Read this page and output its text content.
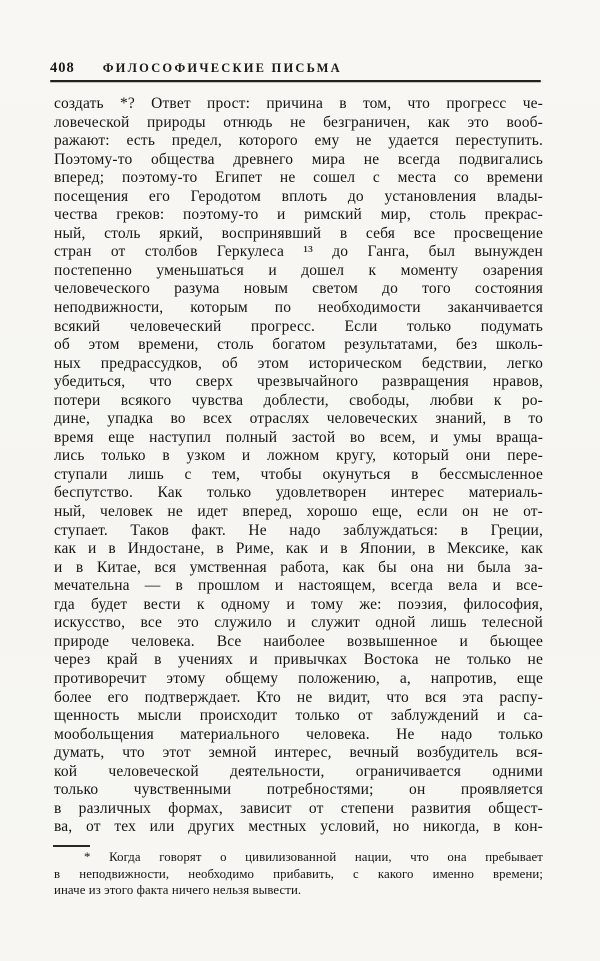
408 ФИЛОСОФИЧЕСКИЕ ПИСЬМА
создать *? Ответ прост: причина в том, что прогресс че-
ловеческой природы отнюдь не безграничен, как это вооб-
ражают: есть предел, которого ему не удается переступить.
Поэтому-то общества древнего мира не всегда подвигались
вперед; поэтому-то Египет не сошел с места со времени
посещения его Геродотом вплоть до установления влады-
чества греков: поэтому-то и римский мир, столь прекрас-
ный, столь яркий, воспринявший в себя все просвещение
стран от столбов Геркулеса ¹³ до Ганга, был вынужден
постепенно уменьшаться и дошел к моменту озарения
человеческого разума новым светом до того состояния
неподвижности, которым по необходимости заканчивается
всякий человеческий прогресс. Если только подумать
об этом времени, столь богатом результатами, без школь-
ных предрассудков, об этом историческом бедствии, легко
убедиться, что сверх чрезвычайного развращения нравов,
потери всякого чувства доблести, свободы, любви к ро-
дине, упадка во всех отраслях человеческих знаний, в то
время еще наступил полный застой во всем, и умы враща-
лись только в узком и ложном кругу, который они пере-
ступали лишь с тем, чтобы окунуться в бессмысленное
беспутство. Как только удовлетворен интерес материаль-
ный, человек не идет вперед, хорошо еще, если он не от-
ступает. Таков факт. Не надо заблуждаться: в Греции,
как и в Индостане, в Риме, как и в Японии, в Мексике, как
и в Китае, вся умственная работа, как бы она ни была за-
мечательна — в прошлом и настоящем, всегда вела и все-
гда будет вести к одному и тому же: поэзия, философия,
искусство, все это служило и служит одной лишь телесной
природе человека. Все наиболее возвышенное и бьющее
через край в учениях и привычках Востока не только не
противоречит этому общему положению, а, напротив, еще
более его подтверждает. Кто не видит, что вся эта распу-
щенность мысли происходит только от заблуждений и са-
мообольщения материального человека. Не надо только
думать, что этот земной интерес, вечный возбудитель вся-
кой человеческой деятельности, ограничивается одними
только чувственными потребностями; он проявляется
в различных формах, зависит от степени развития общест-
ва, от тех или других местных условий, но никогда, в кон-
* Когда говорят о цивилизованной нации, что она пребывает
в неподвижности, необходимо прибавить, с какого именно времени;
иначе из этого факта ничего нельзя вывести.
